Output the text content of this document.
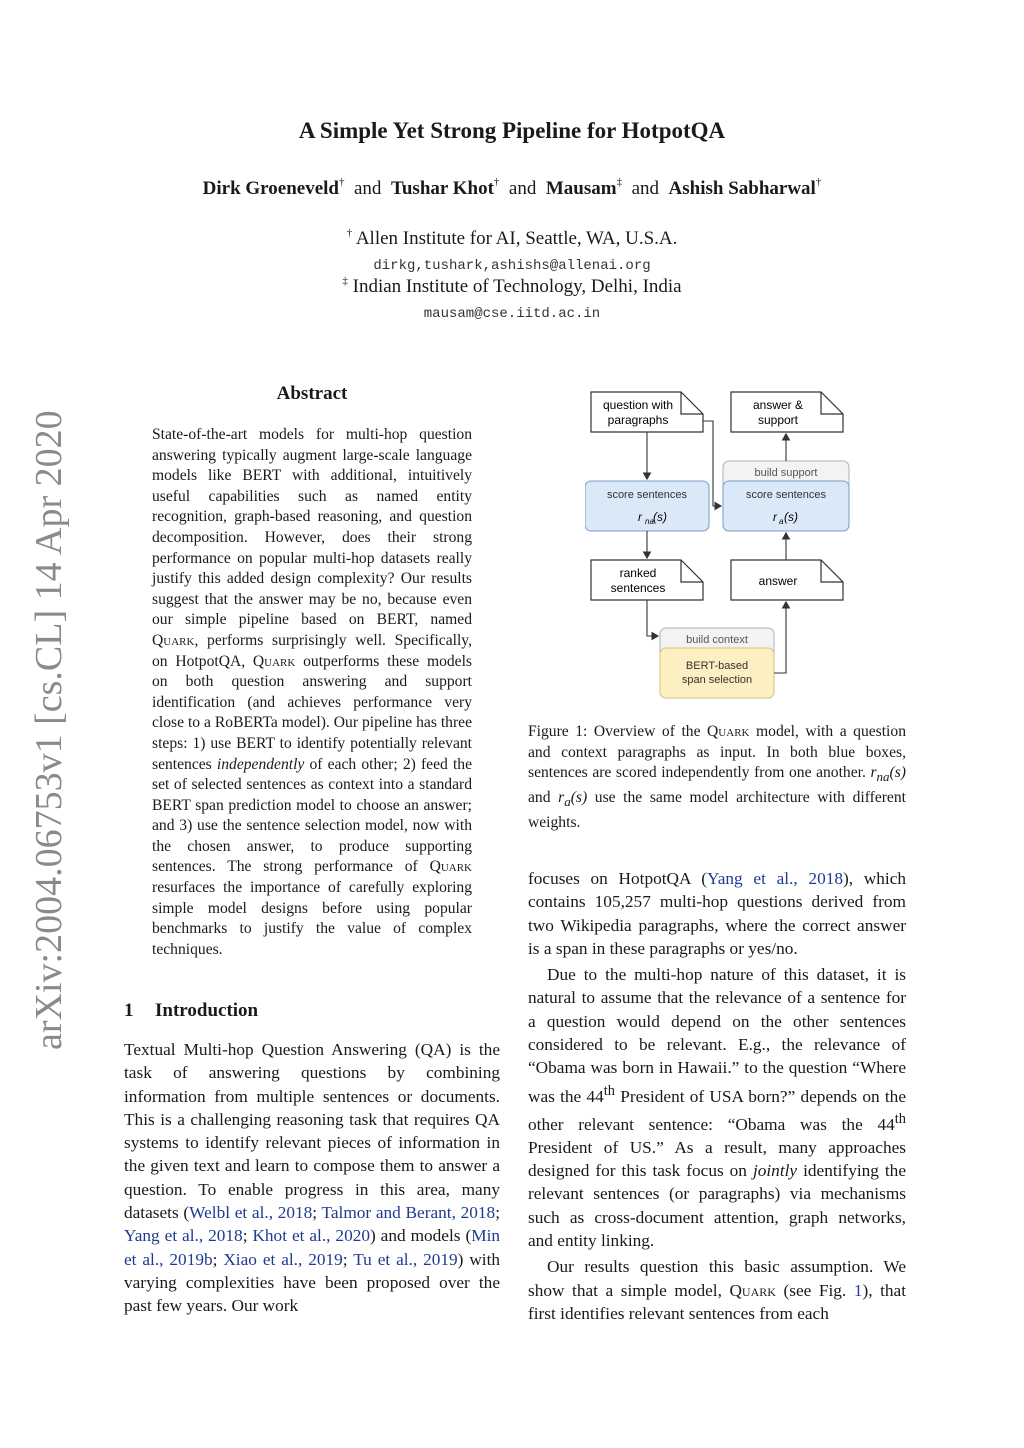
arXiv:2004.06753v1 [cs.CL] 14 Apr 2020
A Simple Yet Strong Pipeline for HotpotQA
Dirk Groeneveld† and Tushar Khot† and Mausam‡ and Ashish Sabharwal†
† Allen Institute for AI, Seattle, WA, U.S.A.
dirkg,tushark,ashishs@allenai.org
‡ Indian Institute of Technology, Delhi, India
mausam@cse.iitd.ac.in
Abstract
State-of-the-art models for multi-hop question answering typically augment large-scale language models like BERT with additional, intuitively useful capabilities such as named entity recognition, graph-based reasoning, and question decomposition. However, does their strong performance on popular multi-hop datasets really justify this added design complexity? Our results suggest that the answer may be no, because even our simple pipeline based on BERT, named Quark, performs surprisingly well. Specifically, on HotpotQA, Quark outperforms these models on both question answering and support identification (and achieves performance very close to a RoBERTa model). Our pipeline has three steps: 1) use BERT to identify potentially relevant sentences independently of each other; 2) feed the set of selected sentences as context into a standard BERT span prediction model to choose an answer; and 3) use the sentence selection model, now with the chosen answer, to produce supporting sentences. The strong performance of Quark resurfaces the importance of carefully exploring simple model designs before using popular benchmarks to justify the value of complex techniques.
1 Introduction
Textual Multi-hop Question Answering (QA) is the task of answering questions by combining information from multiple sentences or documents. This is a challenging reasoning task that requires QA systems to identify relevant pieces of information in the given text and learn to compose them to answer a question. To enable progress in this area, many datasets (Welbl et al., 2018; Talmor and Berant, 2018; Yang et al., 2018; Khot et al., 2020) and models (Min et al., 2019b; Xiao et al., 2019; Tu et al., 2019) with varying complexities have been proposed over the past few years. Our work
question with
paragraphs
answer &
support
build support
score sentences
r na (s)
score sentences
r a (s)
ranked
sentences	answer
build context
BERT-based
span selection
Figure 1: Overview of the Quark model, with a question and context paragraphs as input. In both blue boxes, sentences are scored independently from one another. $r_{na}(s)$ and $r_a(s)$ use the same model architecture with different weights.

focuses on HotpotQA (Yang et al., 2018), which contains 105,257 multi-hop questions derived from two Wikipedia paragraphs, where the correct answer is a span in these paragraphs or yes/no.

Due to the multi-hop nature of this dataset, it is natural to assume that the relevance of a sentence for a question would depend on the other sentences considered to be relevant. E.g., the relevance of “Obama was born in Hawaii.” to the question “Where was the 44th President of USA born?” depends on the other relevant sentence: “Obama was the 44th President of US.” As a result, many approaches designed for this task focus on jointly identifying the relevant sentences (or paragraphs) via mechanisms such as cross-document attention, graph networks, and entity linking.

Our results question this basic assumption. We show that a simple model, Quark (see Fig. 1), that first identifies relevant sentences from each
